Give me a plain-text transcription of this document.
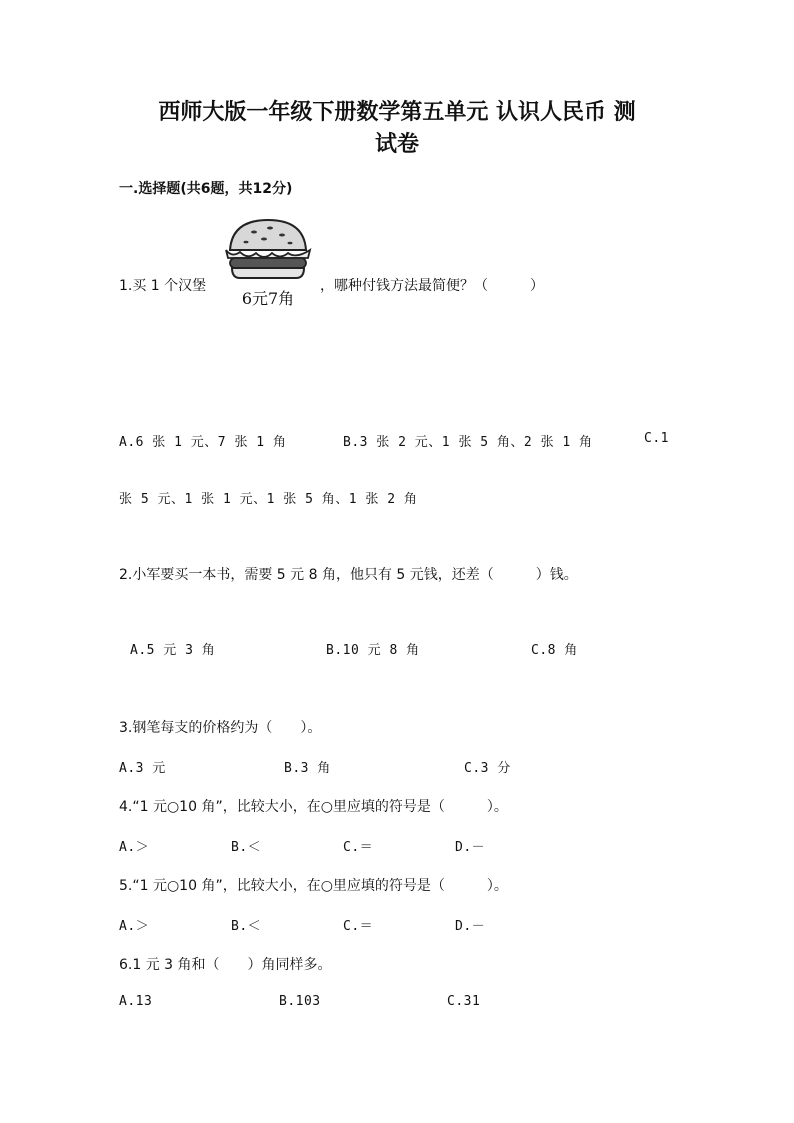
西师大版一年级下册数学第五单元 认识人民币 测
试卷
一.选择题(共6题，共12分)
1.买 1 个汉堡
6元7角
，哪种付钱方法最简便？（　　　）
A.6 张 1 元、7 张 1 角	B.3 张 2 元、1 张 5 角、2 张 1 角	C.1
张 5 元、1 张 1 元、1 张 5 角、1 张 2 角
2.小军要买一本书，需要 5 元 8 角，他只有 5 元钱，还差（　　　）钱。
A.5 元 3 角	B.10 元 8 角	C.8 角
3.钢笔每支的价格约为（　　）。
A.3 元	B.3 角	C.3 分
4.“1 元○10 角”，比较大小，在○里应填的符号是（　　　）。
A.＞	B.＜	C.＝	D.－
5.“1 元○10 角”，比较大小，在○里应填的符号是（　　　）。
A.＞	B.＜	C.＝	D.－
6.1 元 3 角和（　　）角同样多。
A.13	B.103	C.31
